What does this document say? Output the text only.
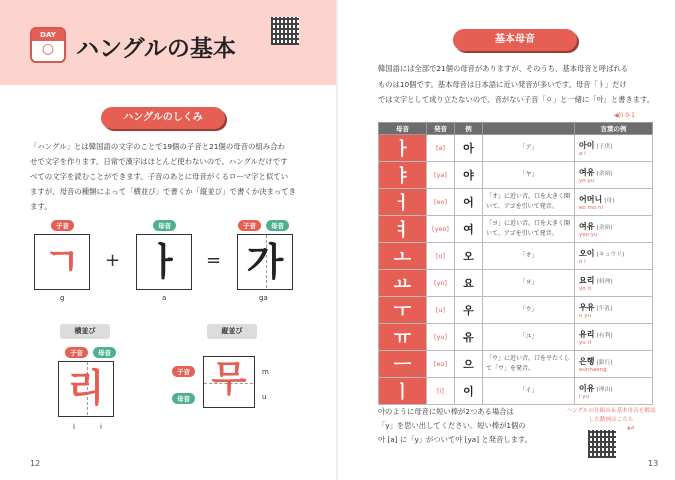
DAY
○ ハングルの基本
ハングルのしくみ
「ハングル」とは韓国語の文字のことで19個の子音と21個の母音の組み合わ
せで文字を作ります。日常で漢字はほとんど使わないので、ハングルだけです
べての文字を読むことができます。子音のあとに母音がくるローマ字と似てい
ますが、母音の種類によって「横並び」で書くか「縦並び」で書くか決まってき
ます。
子音	母音	子音	母音
ㄱ
g
+ ㅏ
a
= 가
ga
横並び
子音	母音
리
l	i
縦並び
子音
母音 무	m
u
12
基本母音
韓国語には全部で21個の母音がありますが、そのうち、基本母音と呼ばれる
ものは10個です。基本母音は日本語に近い発音が多いです。母音「ㅏ」だけ
では文字として成り立たないので、音がない子音「ㅇ」と一緒に「아」と書きます。
◀)) 0-1
母音	発音	例		言葉の例
ㅏ	[a]	아	「ア」	아이 (子供)
a i

ㅑ	[ya]	야	「ヤ」	여유 (余裕)
yo yu

ㅓ	[eo]	어	「オ」に近い音。口を大きく開いて、アゴを引いて発音。	어머니 (母)
eo mo ni

ㅕ	[yeo]	여	「ヨ」に近い音。口を大きく開いて、アゴを引いて発音。	여유 (余裕)
yeo yu

ㅗ	[o]	오	「オ」	오이 (キュウリ)
o i

ㅛ	[yo]	요	「ヨ」	요리 (料理)
yo ri

ㅜ	[u]	우	「ウ」	우유 (牛乳)
u yu

ㅠ	[yu]	유	「ユ」	유리 (有利)
yu ri

ㅡ	[eu]	으	「ウ」に近い音。口を平たくして「ウ」を発音。	은행 (銀行)
eunhaeng

ㅣ	[i]	이	「イ」	이유 (理由)
i yu
아のように母音に短い棒が2つある場合は
「y」を思い出してください。短い棒が1個の
아 [a] に「y」がついて야 [ya] と発音します。
ハングルの仕組み＆基本母音を解説した動画はこちら
↩
13
